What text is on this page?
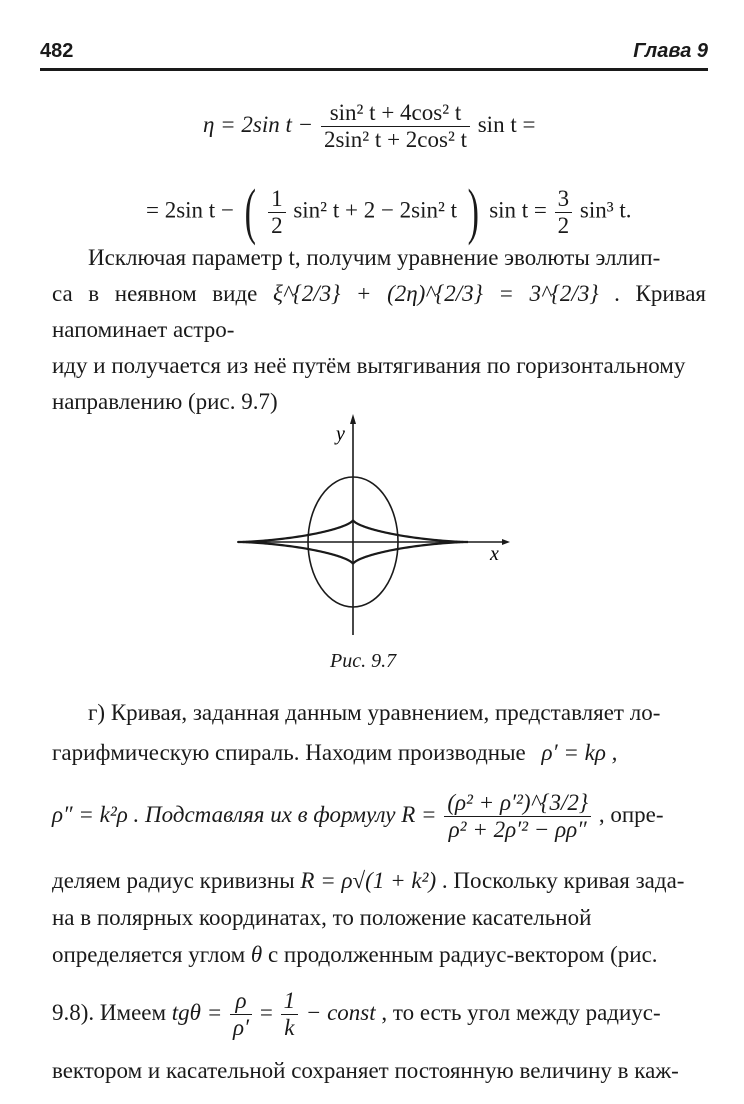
482	Глава 9
η = 2sin $t - \frac{\text{sin² t + 4cos² t}}{\text{2sin² t + 2cos² t}}$ sin t =
= 2sin t − ( $\frac{1}{2} \sin^2$ t + 2 − 2sin² t ) $\sin t = \frac{3}{2} \sin^3$ t.
Исключая параметр t, получим уравнение эволюты эллип-
са в неявном виде ξ^{2/3} + (2η)^{2/3} = 3^{2/3} . Кривая напоминает астро-
иду и получается из неё путём вытягивания по горизонтальному
направлению (рис. 9.7)
y
x
Рис. 9.7
г) Кривая, заданная данным уравнением, представляет ло-
гарифмическую спираль. Находим производные ρ′ = kρ ,
ρ″ = k²ρ . Подставляя их в формулу $R = \frac{\text{(ρ² + ρ′²)\textasciicircum{}\{3/2\}}}{\text{ρ² + 2ρ′² − ρρ″}}$ , опре-
деляем радиус кривизны R = ρ√(1 + k²) . Поскольку кривая зада-
на в полярных координатах, то положение касательной
определяется углом θ с продолженным радиус-вектором (рис.
9.8). Имеем $tg\theta = \frac{\rho}{\rho'} = \frac{1}{k}$ − const , то есть угол между радиус-
вектором и касательной сохраняет постоянную величину в каж-
